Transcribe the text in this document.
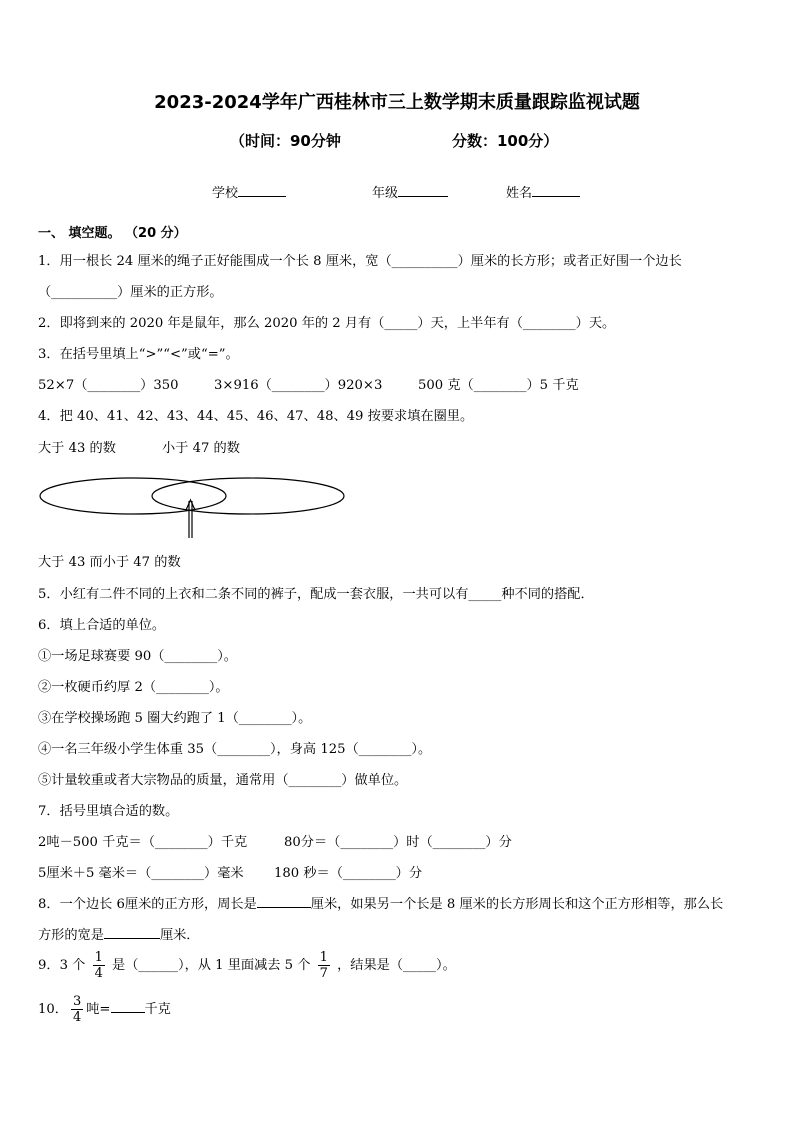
2023-2024学年广西桂林市三上数学期末质量跟踪监视试题
（时间：90分钟	分数：100分）
学校	年级	姓名
一、 填空题。 （20 分）
1．用一根长 24 厘米的绳子正好能围成一个长 8 厘米，宽（__________）厘米的长方形；或者正好围一个边长
（__________）厘米的正方形。
2．即将到来的 2020 年是鼠年，那么 2020 年的 2 月有（_____）天，上半年有（________）天。
3．在括号里填上“>”“<”或“=”。
52×7（________）350	3×916（________）920×3	500 克（________）5 千克
4．把 40、41、42、43、44、45、46、47、48、49 按要求填在圈里。
大于 43 的数	小于 47 的数
大于 43 而小于 47 的数
5．小红有二件不同的上衣和二条不同的裤子，配成一套衣服，一共可以有_____种不同的搭配．
6．填上合适的单位。
①一场足球赛要 90（________）。
②一枚硬币约厚 2（________）。
③在学校操场跑 5 圈大约跑了 1（________）。
④一名三年级小学生体重 35（________），身高 125（________）。
⑤计量较重或者大宗物品的质量，通常用（________）做单位。
7．括号里填合适的数。
2吨－500 千克＝（________）千克	80分＝（________）时（________）分
5厘米＋5 毫米＝（________）毫米 180 秒＝（________）分
8．一个边长 6厘米的正方形，周长是	厘米，如果另一个长是 8 厘米的长方形周长和这个正方形相等，那么长
方形的宽是	厘米．
9．3 个 $\frac{1}{4}$ 是（______），从 1 里面减去 5 个 $\frac{1}{7}$ ，结果是（_____）。
10． $\frac{3}{4}$ 吨=	千克
